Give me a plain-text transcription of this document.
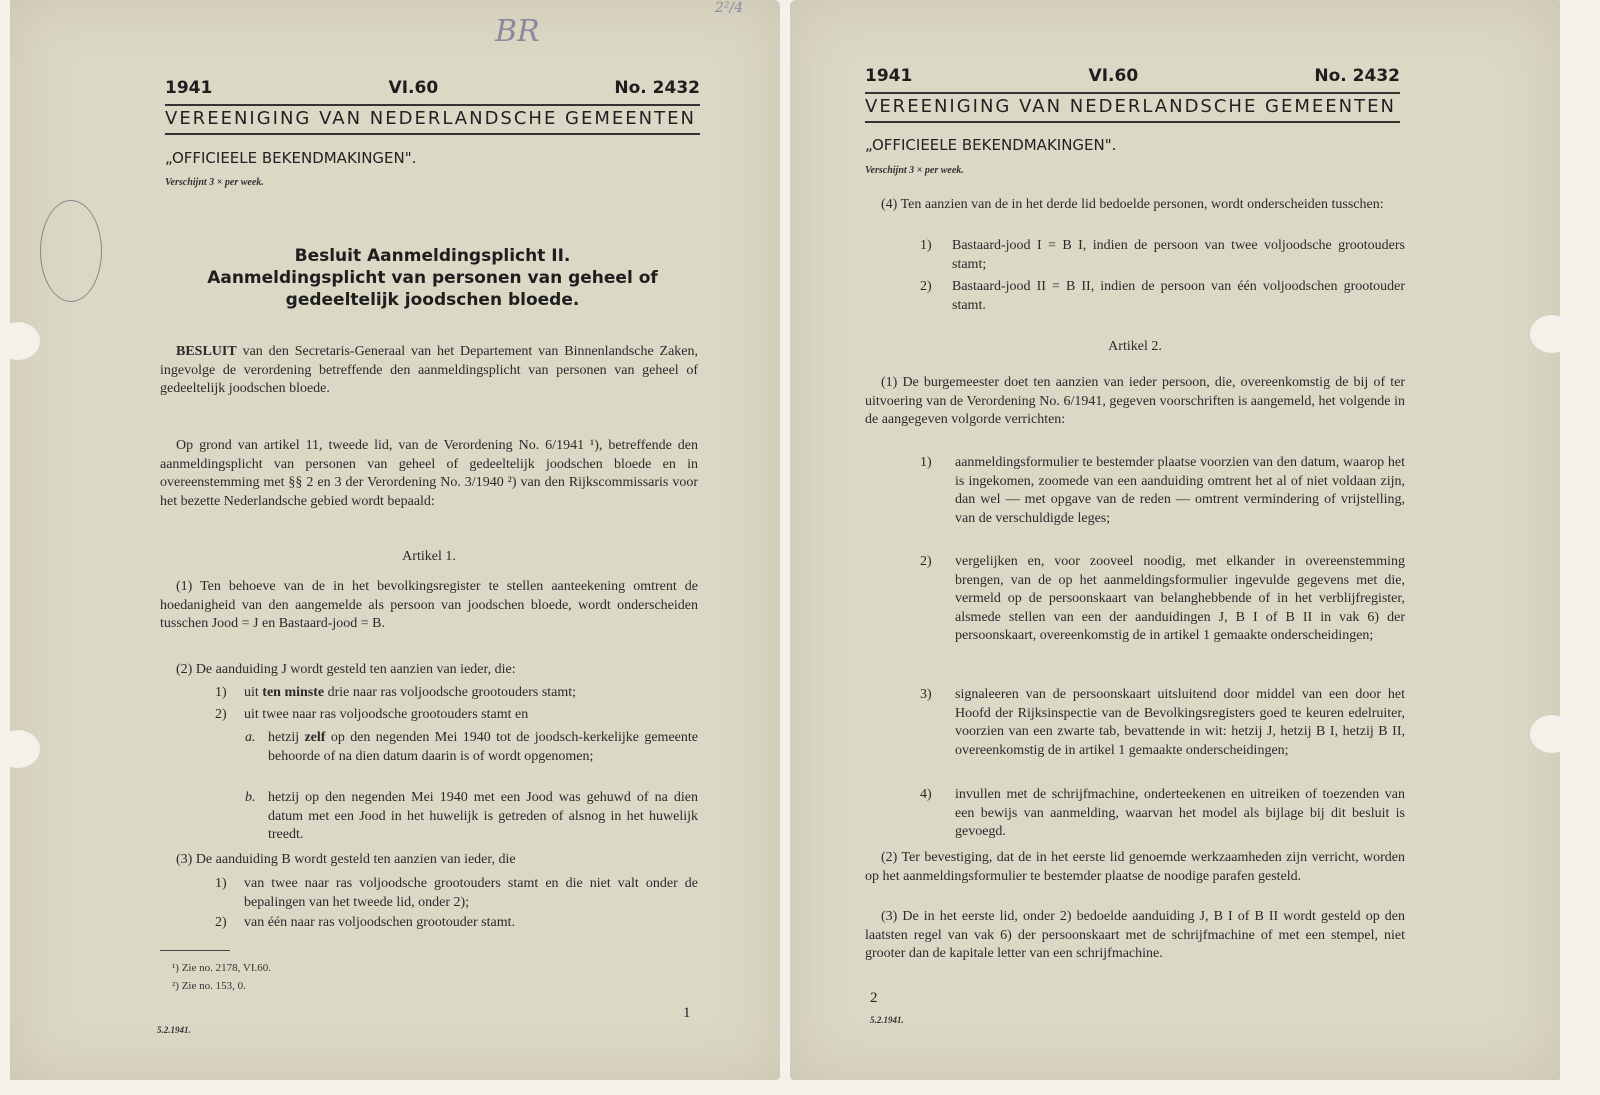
BR
1941	VI.60	No. 2432
VEREENIGING VAN NEDERLANDSCHE GEMEENTEN
„OFFICIEELE BEKENDMAKINGEN".
Verschijnt 3 × per week.
Besluit Aanmeldingsplicht II.
Aanmeldingsplicht van personen van geheel of
gedeeltelijk joodschen bloede.
BESLUIT van den Secretaris-Generaal van het Departement van Binnenlandsche Zaken, ingevolge de verordening betreffende den aanmeldingsplicht van personen van geheel of gedeeltelijk joodschen bloede.
Op grond van artikel 11, tweede lid, van de Verordening No. 6/1941 ¹), betreffende den aanmeldingsplicht van personen van geheel of gedeeltelijk joodschen bloede en in overeenstemming met §§ 2 en 3 der Verordening No. 3/1940 ²) van den Rijkscommissaris voor het bezette Nederlandsche gebied wordt bepaald:
Artikel 1.
(1) Ten behoeve van de in het bevolkingsregister te stellen aanteekening omtrent de hoedanigheid van den aangemelde als persoon van joodschen bloede, wordt onderscheiden tusschen Jood = J en Bastaard-jood = B.
(2) De aanduiding J wordt gesteld ten aanzien van ieder, die:
1)	uit ten minste drie naar ras voljoodsche grootouders stamt;
2)	uit twee naar ras voljoodsche grootouders stamt en
a. hetzij zelf op den negenden Mei 1940 tot de joodsch-kerkelijke gemeente behoorde of na dien datum daarin is of wordt opgenomen;
b. hetzij op den negenden Mei 1940 met een Jood was gehuwd of na dien datum met een Jood in het huwelijk is getreden of alsnog in het huwelijk treedt.
(3) De aanduiding B wordt gesteld ten aanzien van ieder, die
1)	van twee naar ras voljoodsche grootouders stamt en die niet valt onder de bepalingen van het tweede lid, onder 2);
2)	van één naar ras voljoodschen grootouder stamt.
¹) Zie no. 2178, VI.60.
²) Zie no. 153, 0.
1
5.2.1941.
2²/4
1941	VI.60	No. 2432
VEREENIGING VAN NEDERLANDSCHE GEMEENTEN
„OFFICIEELE BEKENDMAKINGEN".
Verschijnt 3 × per week.
(4) Ten aanzien van de in het derde lid bedoelde personen, wordt onderscheiden tusschen:
1)	Bastaard-jood I = B I, indien de persoon van twee voljoodsche grootouders stamt;
2)	Bastaard-jood II = B II, indien de persoon van één voljoodschen grootouder stamt.
Artikel 2.
(1) De burgemeester doet ten aanzien van ieder persoon, die, overeenkomstig de bij of ter uitvoering van de Verordening No. 6/1941, gegeven voorschriften is aangemeld, het volgende in de aangegeven volgorde verrichten:
1)	aanmeldingsformulier te bestemder plaatse voorzien van den datum, waarop het is ingekomen, zoomede van een aanduiding omtrent het al of niet voldaan zijn, dan wel — met opgave van de reden — omtrent vermindering of vrijstelling, van de verschuldigde leges;
2)	vergelijken en, voor zooveel noodig, met elkander in overeenstemming brengen, van de op het aanmeldingsformulier ingevulde gegevens met die, vermeld op de persoonskaart van belanghebbende of in het verblijfregister, alsmede stellen van een der aanduidingen J, B I of B II in vak 6) der persoonskaart, overeenkomstig de in artikel 1 gemaakte onderscheidingen;
3)	signaleeren van de persoonskaart uitsluitend door middel van een door het Hoofd der Rijksinspectie van de Bevolkingsregisters goed te keuren edelruiter, voorzien van een zwarte tab, bevattende in wit: hetzij J, hetzij B I, hetzij B II, overeenkomstig de in artikel 1 gemaakte onderscheidingen;
4)	invullen met de schrijfmachine, onderteekenen en uitreiken of toezenden van een bewijs van aanmelding, waarvan het model als bijlage bij dit besluit is gevoegd.
(2) Ter bevestiging, dat de in het eerste lid genoemde werkzaamheden zijn verricht, worden op het aanmeldingsformulier te bestemder plaatse de noodige parafen gesteld.
(3) De in het eerste lid, onder 2) bedoelde aanduiding J, B I of B II wordt gesteld op den laatsten regel van vak 6) der persoonskaart met de schrijfmachine of met een stempel, niet grooter dan de kapitale letter van een schrijfmachine.
2
5.2.1941.
